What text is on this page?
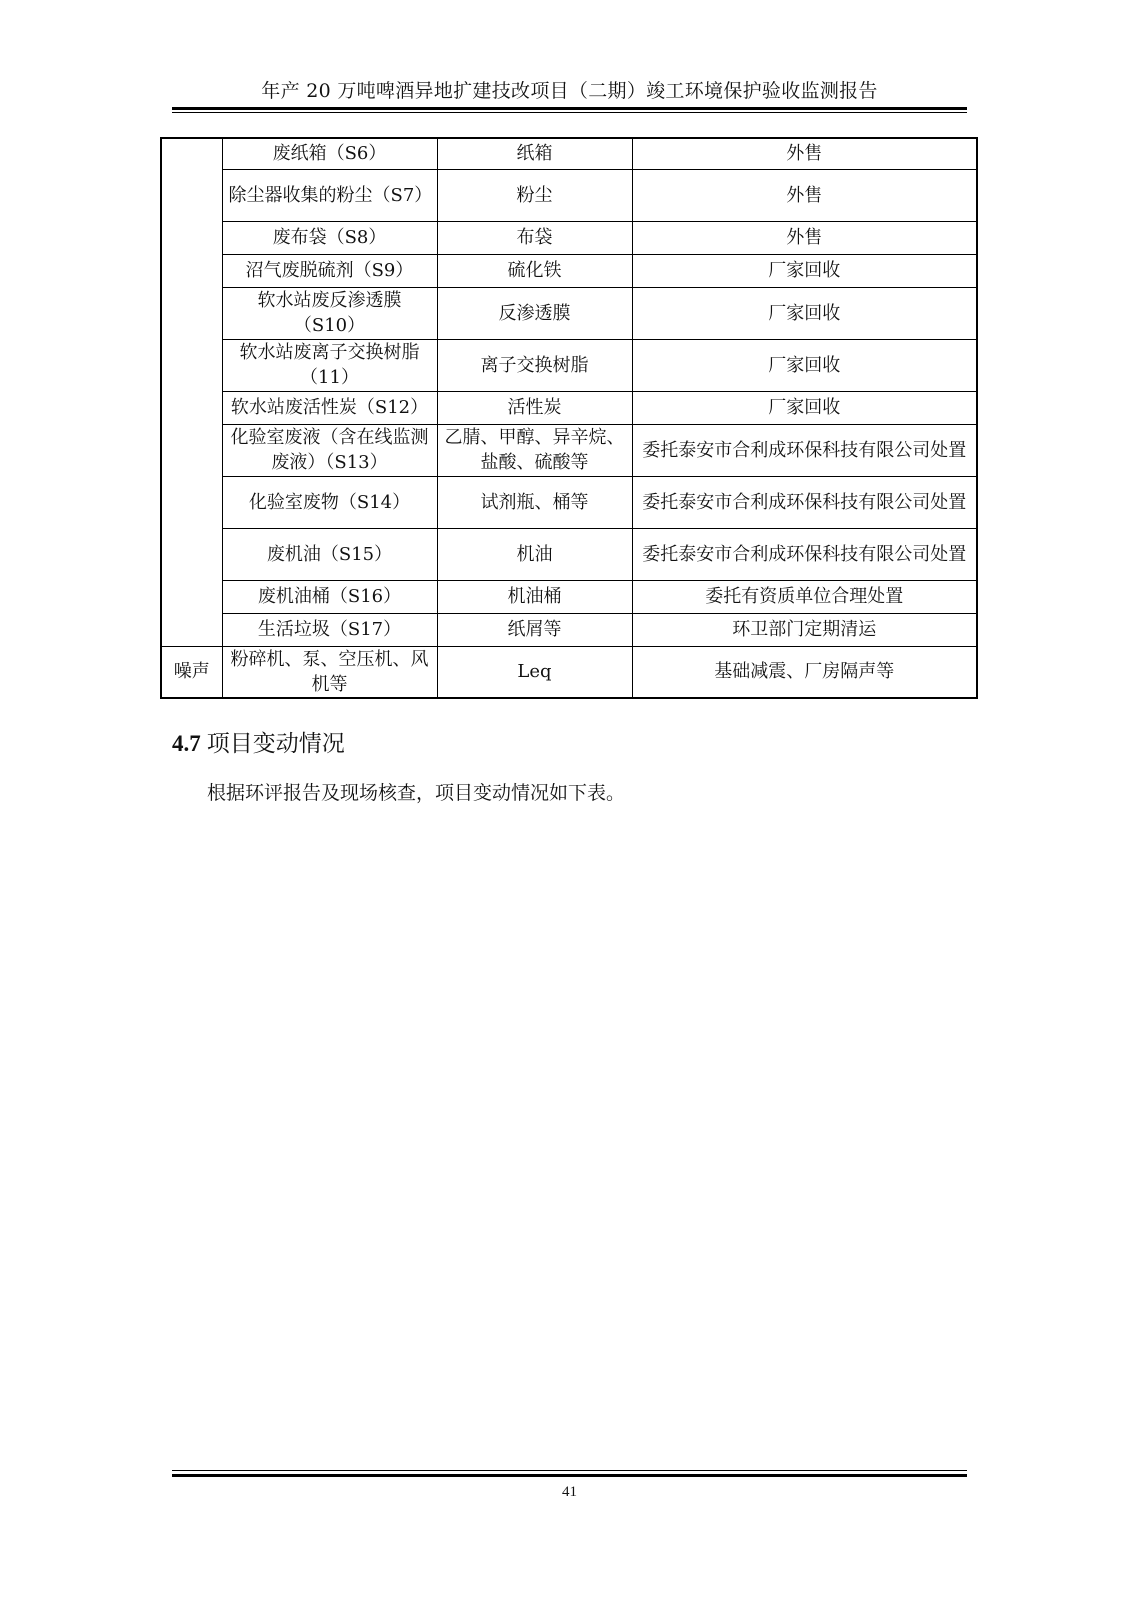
年产 20 万吨啤酒异地扩建技改项目（二期）竣工环境保护验收监测报告
	废纸箱（S6）	纸箱	外售
	除尘器收集的粉尘（S7）	粉尘	外售
	废布袋（S8）	布袋	外售
	沼气废脱硫剂（S9）	硫化铁	厂家回收
	软水站废反渗透膜（S10）	反渗透膜	厂家回收
	软水站废离子交换树脂（11）	离子交换树脂	厂家回收
	软水站废活性炭（S12）	活性炭	厂家回收
	化验室废液（含在线监测废液）（S13）	乙腈、甲醇、异辛烷、盐酸、硫酸等	委托泰安市合利成环保科技有限公司处置
	化验室废物（S14）	试剂瓶、桶等	委托泰安市合利成环保科技有限公司处置
	废机油（S15）	机油	委托泰安市合利成环保科技有限公司处置
	废机油桶（S16）	机油桶	委托有资质单位合理处置
	生活垃圾（S17）	纸屑等	环卫部门定期清运
噪声	粉碎机、泵、空压机、风机等	Leq	基础减震、厂房隔声等
4.7 项目变动情况
根据环评报告及现场核查，项目变动情况如下表。
41
